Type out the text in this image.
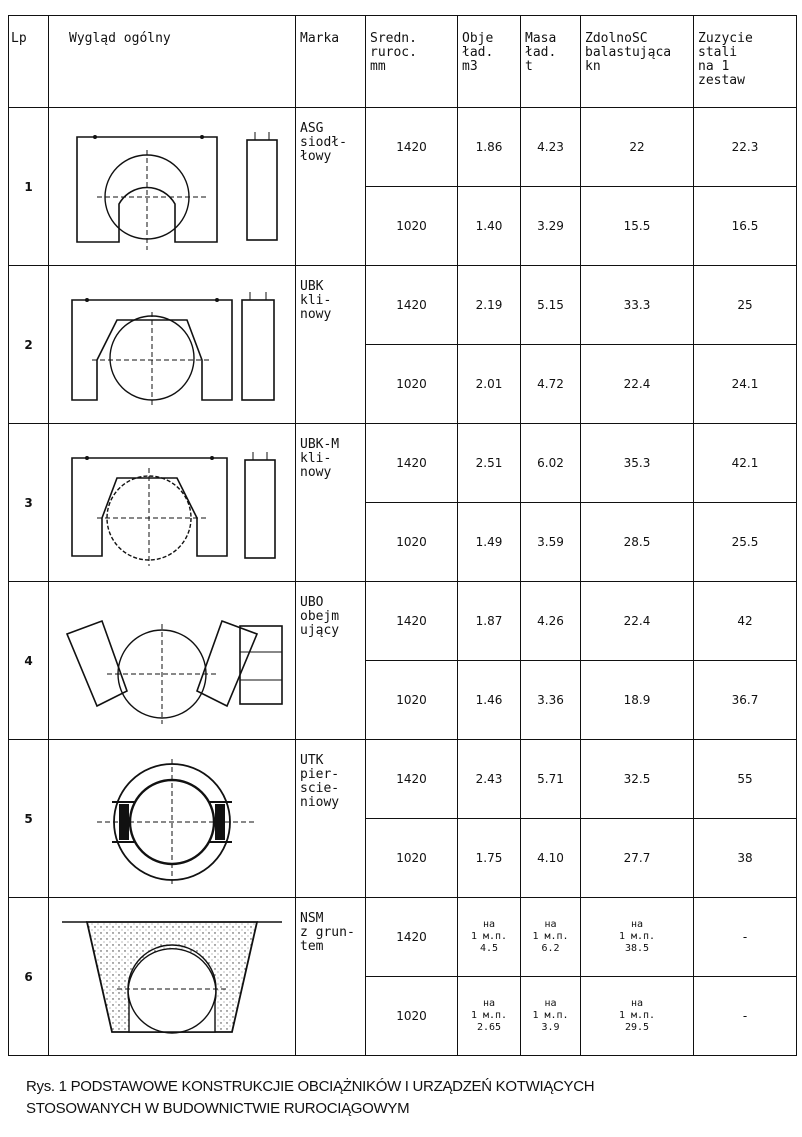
Lp	Wygląd ogólny	Marka	Sredn.
ruroc.
mm	Obje
ład.
m3	Masa
ład.
t	ZdolnoSC
balastująca
kn	Zuzycie
stali
na 1
zestaw
1		ASG
siodł-
łowy	1420	1.86	4.23	22	22.3
			1020	1.40	3.29	15.5	16.5
2		UBK
kli-
nowy	1420	2.19	5.15	33.3	25
			1020	2.01	4.72	22.4	24.1
3		UBK-M
kli-
nowy	1420	2.51	6.02	35.3	42.1
			1020	1.49	3.59	28.5	25.5
4		UBO
obejm
ujący	1420	1.87	4.26	22.4	42
			1020	1.46	3.36	18.9	36.7
5		UTK
pier-
scie-
niowy	1420	2.43	5.71	32.5	55
			1020	1.75	4.10	27.7	38
6		NSM
z grun-
tem	1420	на
1 м.п.
4.5	на
1 м.п.
6.2	на
1 м.п.
38.5	-
			1020	на
1 м.п.
2.65	на
1 м.п.
3.9	на
1 м.п.
29.5	-
Rys. 1 PODSTAWOWE KONSTRUKCJIE OBCIĄŻNIKÓW I URZĄDZEŃ KOTWIĄCYCH
STOSOWANYCH W BUDOWNICTWIE RUROCIĄGOWYM
